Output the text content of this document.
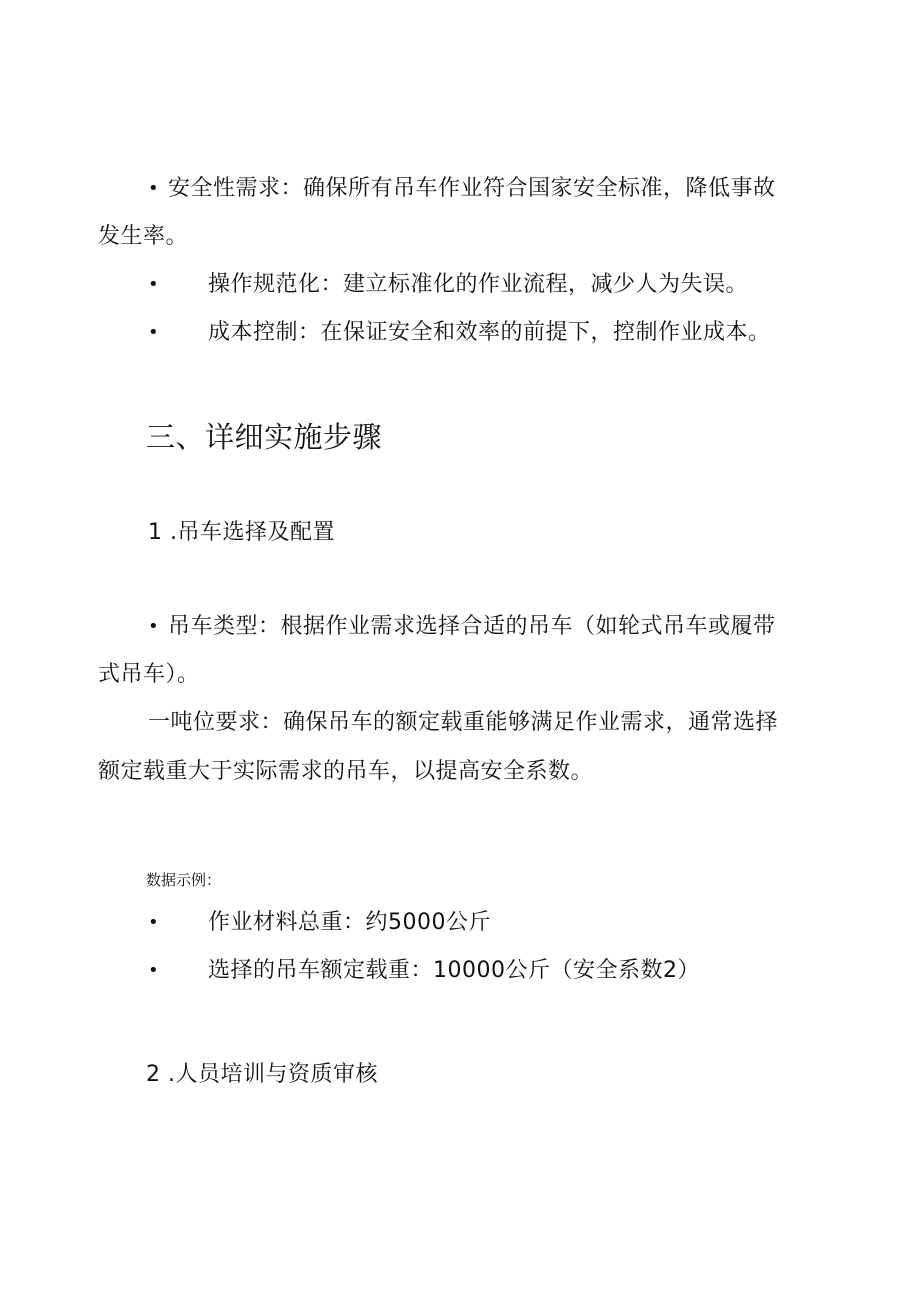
• 安全性需求：确保所有吊车作业符合国家安全标准，降低事故
发生率。
• 操作规范化：建立标准化的作业流程，减少人为失误。
• 成本控制：在保证安全和效率的前提下，控制作业成本。
三、详细实施步骤
1 .吊车选择及配置
• 吊车类型：根据作业需求选择合适的吊车（如轮式吊车或履带
式吊车）。
一吨位要求：确保吊车的额定载重能够满足作业需求，通常选择
额定载重大于实际需求的吊车，以提高安全系数。
数据示例：
• 作业材料总重：约5000公斤
• 选择的吊车额定载重：10000公斤（安全系数2）
2 .人员培训与资质审核
